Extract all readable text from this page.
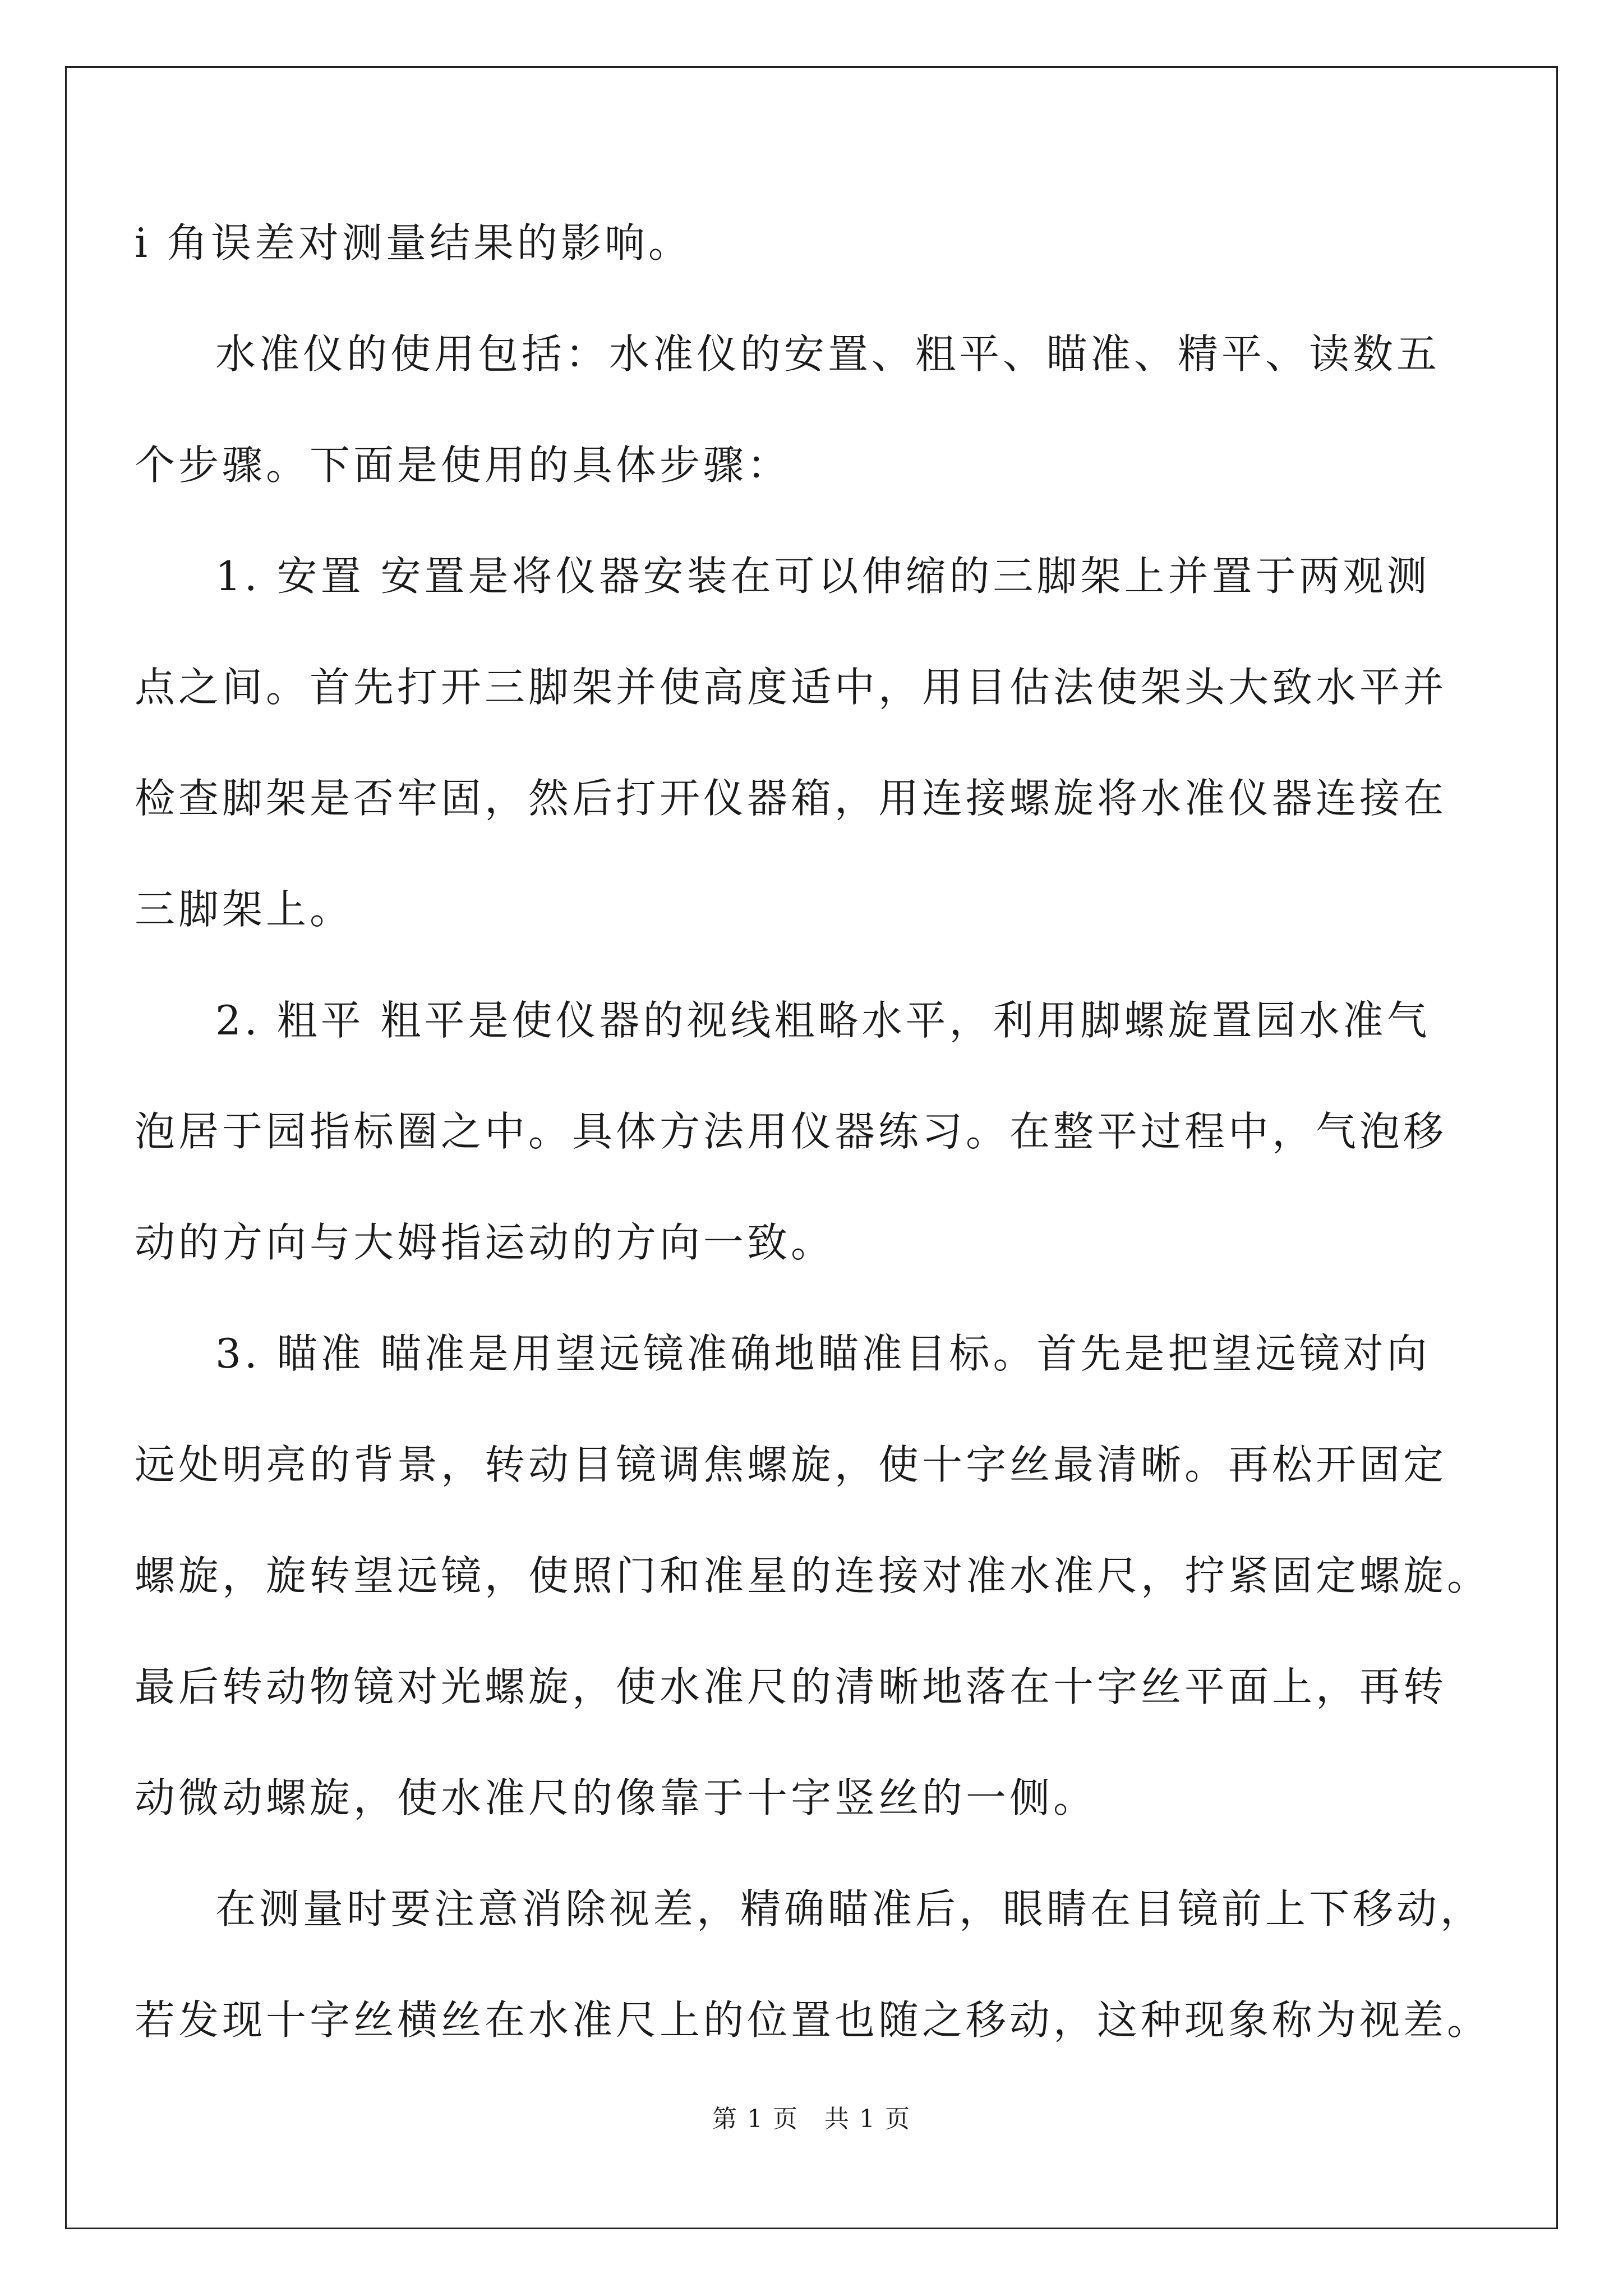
i 角误差对测量结果的影响。
水准仪的使用包括：水准仪的安置、粗平、瞄准、精平、读数五
个步骤。下面是使用的具体步骤：
1. 安置 安置是将仪器安装在可以伸缩的三脚架上并置于两观测
点之间。首先打开三脚架并使高度适中，用目估法使架头大致水平并
检查脚架是否牢固，然后打开仪器箱，用连接螺旋将水准仪器连接在
三脚架上。
2. 粗平 粗平是使仪器的视线粗略水平，利用脚螺旋置园水准气
泡居于园指标圈之中。具体方法用仪器练习。在整平过程中，气泡移
动的方向与大姆指运动的方向一致。
3. 瞄准 瞄准是用望远镜准确地瞄准目标。首先是把望远镜对向
远处明亮的背景，转动目镜调焦螺旋，使十字丝最清晰。再松开固定
螺旋，旋转望远镜，使照门和准星的连接对准水准尺，拧紧固定螺旋。
最后转动物镜对光螺旋，使水准尺的清晰地落在十字丝平面上，再转
动微动螺旋，使水准尺的像靠于十字竖丝的一侧。
在测量时要注意消除视差，精确瞄准后，眼睛在目镜前上下移动，
若发现十字丝横丝在水准尺上的位置也随之移动，这种现象称为视差。
第 1 页　共 1 页
